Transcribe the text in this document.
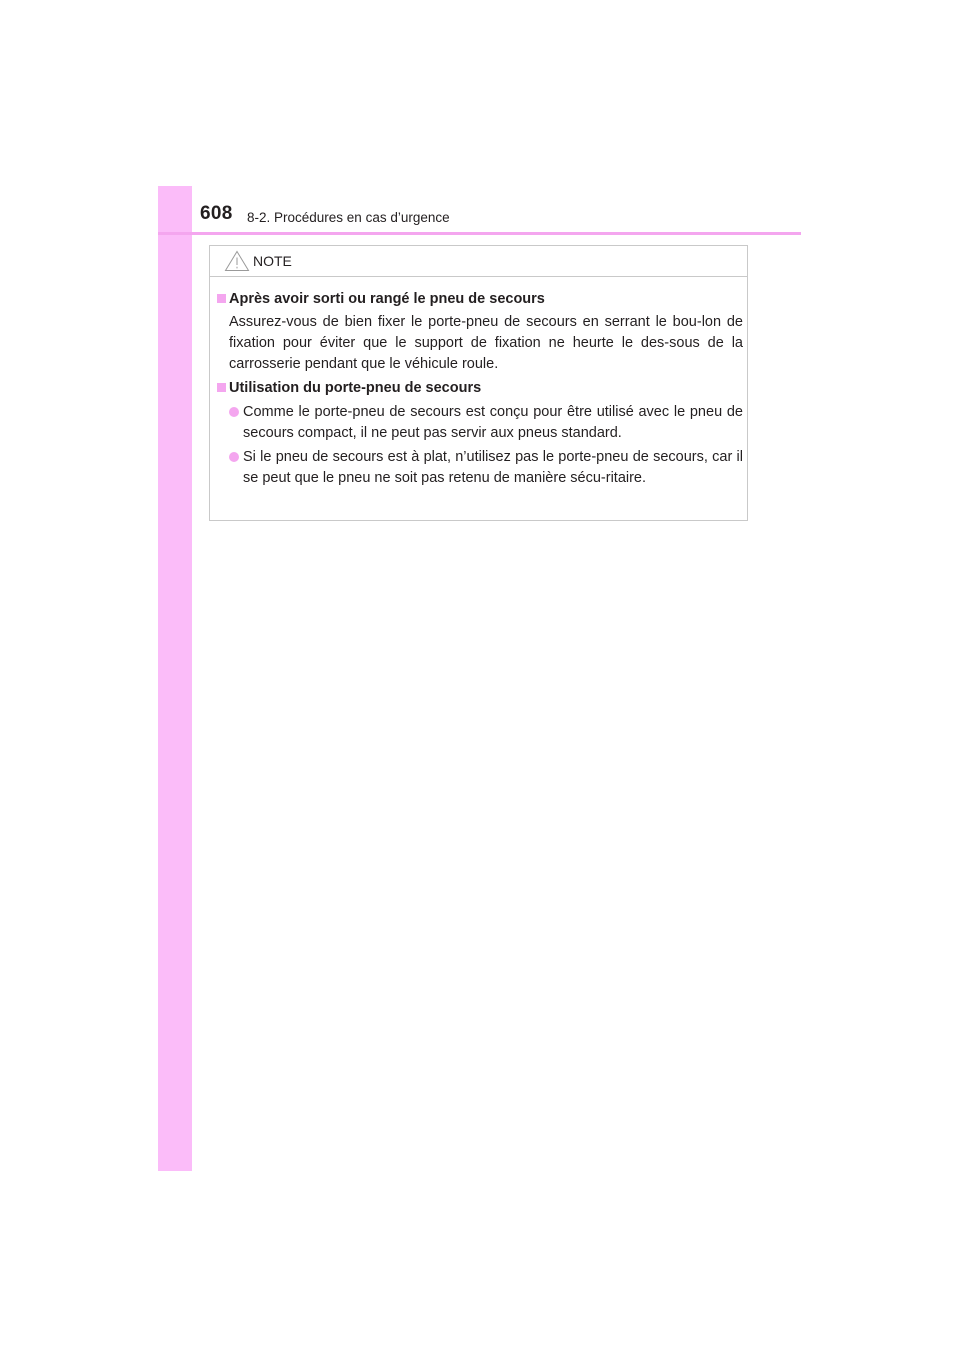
608 8-2. Procédures en cas d’urgence
NOTE
Après avoir sorti ou rangé le pneu de secours
Assurez-vous de bien fixer le porte-pneu de secours en serrant le bou-lon de fixation pour éviter que le support de fixation ne heurte le des-sous de la carrosserie pendant que le véhicule roule.
Utilisation du porte-pneu de secours
Comme le porte-pneu de secours est conçu pour être utilisé avec le pneu de secours compact, il ne peut pas servir aux pneus standard.
Si le pneu de secours est à plat, n’utilisez pas le porte-pneu de secours, car il se peut que le pneu ne soit pas retenu de manière sécu-ritaire.
